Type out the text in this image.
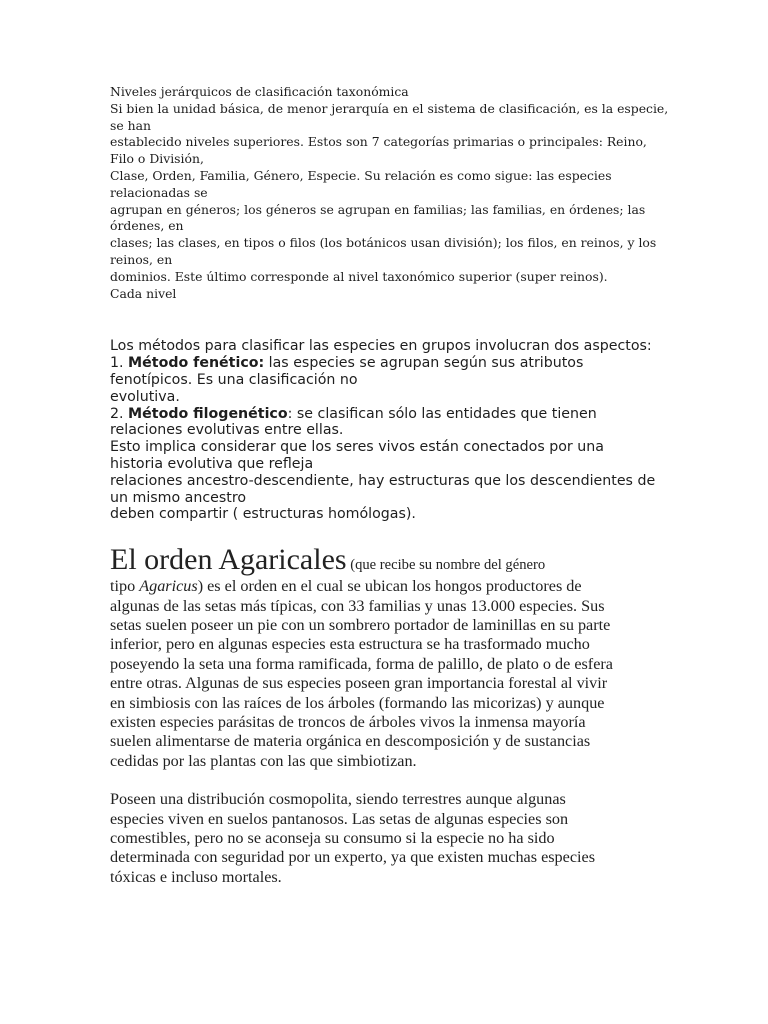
Niveles jerárquicos de clasificación taxonómica
Si bien la unidad básica, de menor jerarquía en el sistema de clasificación, es la especie,
se han
establecido niveles superiores. Estos son 7 categorías primarias o principales: Reino,
Filo o División,
Clase, Orden, Familia, Género, Especie. Su relación es como sigue: las especies
relacionadas se
agrupan en géneros; los géneros se agrupan en familias; las familias, en órdenes; las
órdenes, en
clases; las clases, en tipos o filos (los botánicos usan división); los filos, en reinos, y los
reinos, en
dominios. Este último corresponde al nivel taxonómico superior (super reinos).
Cada nivel
Los métodos para clasificar las especies en grupos involucran dos aspectos:
1. Método fenético: las especies se agrupan según sus atributos fenotípicos. Es una clasificación no
evolutiva.
2. Método filogenético: se clasifican sólo las entidades que tienen relaciones evolutivas entre ellas.
Esto implica considerar que los seres vivos están conectados por una historia evolutiva que refleja
relaciones ancestro-descendiente, hay estructuras que los descendientes de un mismo ancestro
deben compartir ( estructuras homólogas).
El orden Agaricales (que recibe su nombre del género
tipo Agaricus) es el orden en el cual se ubican los hongos productores de
algunas de las setas más típicas, con 33 familias y unas 13.000 especies. Sus
setas suelen poseer un pie con un sombrero portador de laminillas en su parte
inferior, pero en algunas especies esta estructura se ha trasformado mucho
poseyendo la seta una forma ramificada, forma de palillo, de plato o de esfera
entre otras. Algunas de sus especies poseen gran importancia forestal al vivir
en simbiosis con las raíces de los árboles (formando las micorizas) y aunque
existen especies parásitas de troncos de árboles vivos la inmensa mayoría
suelen alimentarse de materia orgánica en descomposición y de sustancias
cedidas por las plantas con las que simbiotizan.
Poseen una distribución cosmopolita, siendo terrestres aunque algunas
especies viven en suelos pantanosos. Las setas de algunas especies son
comestibles, pero no se aconseja su consumo si la especie no ha sido
determinada con seguridad por un experto, ya que existen muchas especies
tóxicas e incluso mortales.
